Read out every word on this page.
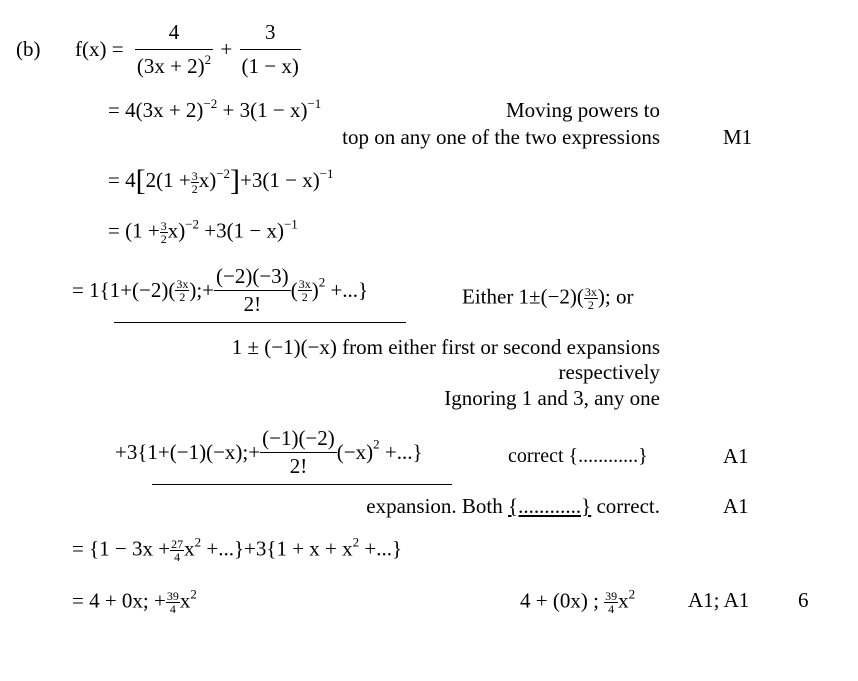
(b) $f(x) = \frac{4}{(3x + 2)^2} + \frac{3}{(1 - x)}$
= $4(3x + 2)^{-2} + 3(1 - x)^{-1}$	Moving powers to
top on any one of the two expressions	M1
= $4[2(1 + \frac{3}{2} x)^{-2}]+3(1 - x)^{-1}$
= $(1 + \frac{3}{2} x)^{-2} +3(1 - x)^{-1}$
= $1\{1+(-2)( \frac{3x}{2}$ );+ $\frac{(-2)(-3)}{2!}$ ( $\frac{3x}{2} )^2$ +...}	Either $1\pm(-2)( \frac{3x}{2}$ ); or
1 ± (−1)(−x) from either first or second expansions
respectively
Ignoring 1 and 3, any one
+3{1+(−1)(−x);+ $\frac{(-1)(-2)}{2!} (-x)^2$ +...}	correct {............}	A1
expansion. Both {............} correct.	A1
= $\{1 - 3x + \frac{27}{4} x^2 +...\}+3\{1 + x + x^2$ +...}
= 4 + 0x; + $\frac{39}{4} x^2$	4 + (0x) ; $\frac{39}{4} x^2$	A1; A1 6
